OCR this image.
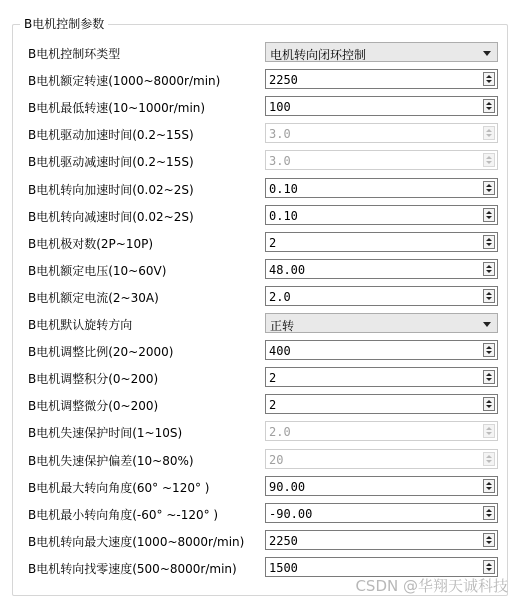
B电机控制参数
B电机控制环类型	电机转向闭环控制
B电机额定转速(1000~8000r/min)	2250
B电机最低转速(10~1000r/min)	100
B电机驱动加速时间(0.2~15S)	3.0
B电机驱动减速时间(0.2~15S)	3.0
B电机转向加速时间(0.02~2S)	0.10
B电机转向减速时间(0.02~2S)	0.10
B电机极对数(2P~10P)	2
B电机额定电压(10~60V)	48.00
B电机额定电流(2~30A)	2.0
B电机默认旋转方向	正转
B电机调整比例(20~2000)	400
B电机调整积分(0~200)	2
B电机调整微分(0~200)	2
B电机失速保护时间(1~10S)	2.0
B电机失速保护偏差(10~80%)	20
B电机最大转向角度(60° ~120° )	90.00
B电机最小转向角度(-60° ~-120° )	-90.00
B电机转向最大速度(1000~8000r/min) 2250
B电机转向找零速度(500~8000r/min)	1500
CSDN @华翔天诚科技
